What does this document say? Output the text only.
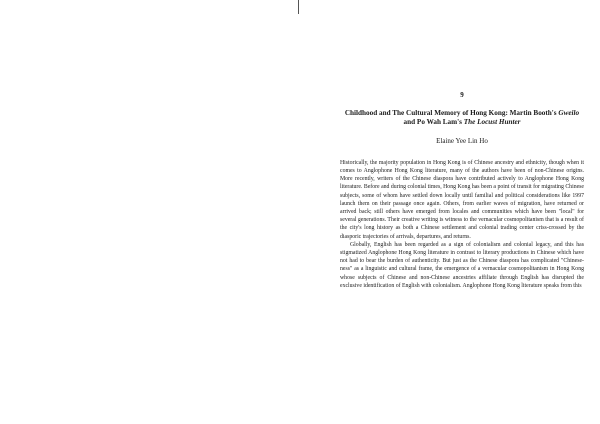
9
Childhood and The Cultural Memory of Hong Kong: Martin Booth's Gweilo and Po Wah Lam's The Locust Hunter
Elaine Yee Lin Ho

Historically, the majority population in Hong Kong is of Chinese ancestry and ethnicity, though when it comes to Anglophone Hong Kong literature, many of the authors have been of non-Chinese origins. More recently, writers of the Chinese diaspora have contributed actively to Anglophone Hong Kong literature. Before and during colonial times, Hong Kong has been a point of transit for migrating Chinese subjects, some of whom have settled down locally until familial and political considerations like 1997 launch them on their passage once again. Others, from earlier waves of migration, have returned or arrived back; still others have emerged from locales and communities which have been "local" for several generations. Their creative writing is witness to the vernacular cosmopolitanism that is a result of the city's long history as both a Chinese settlement and colonial trading center criss-crossed by the diasporic trajectories of arrivals, departures, and returns.

Globally, English has been regarded as a sign of colonialism and colonial legacy, and this has stigmatized Anglophone Hong Kong literature in contrast to literary productions in Chinese which have not had to bear the burden of authenticity. But just as the Chinese diaspora has complicated "Chinese-ness" as a linguistic and cultural frame, the emergence of a vernacular cosmopolitanism in Hong Kong whose subjects of Chinese and non-Chinese ancestries affiliate through English has disrupted the exclusive identification of English with colonialism. Anglophone Hong Kong literature speaks from this
